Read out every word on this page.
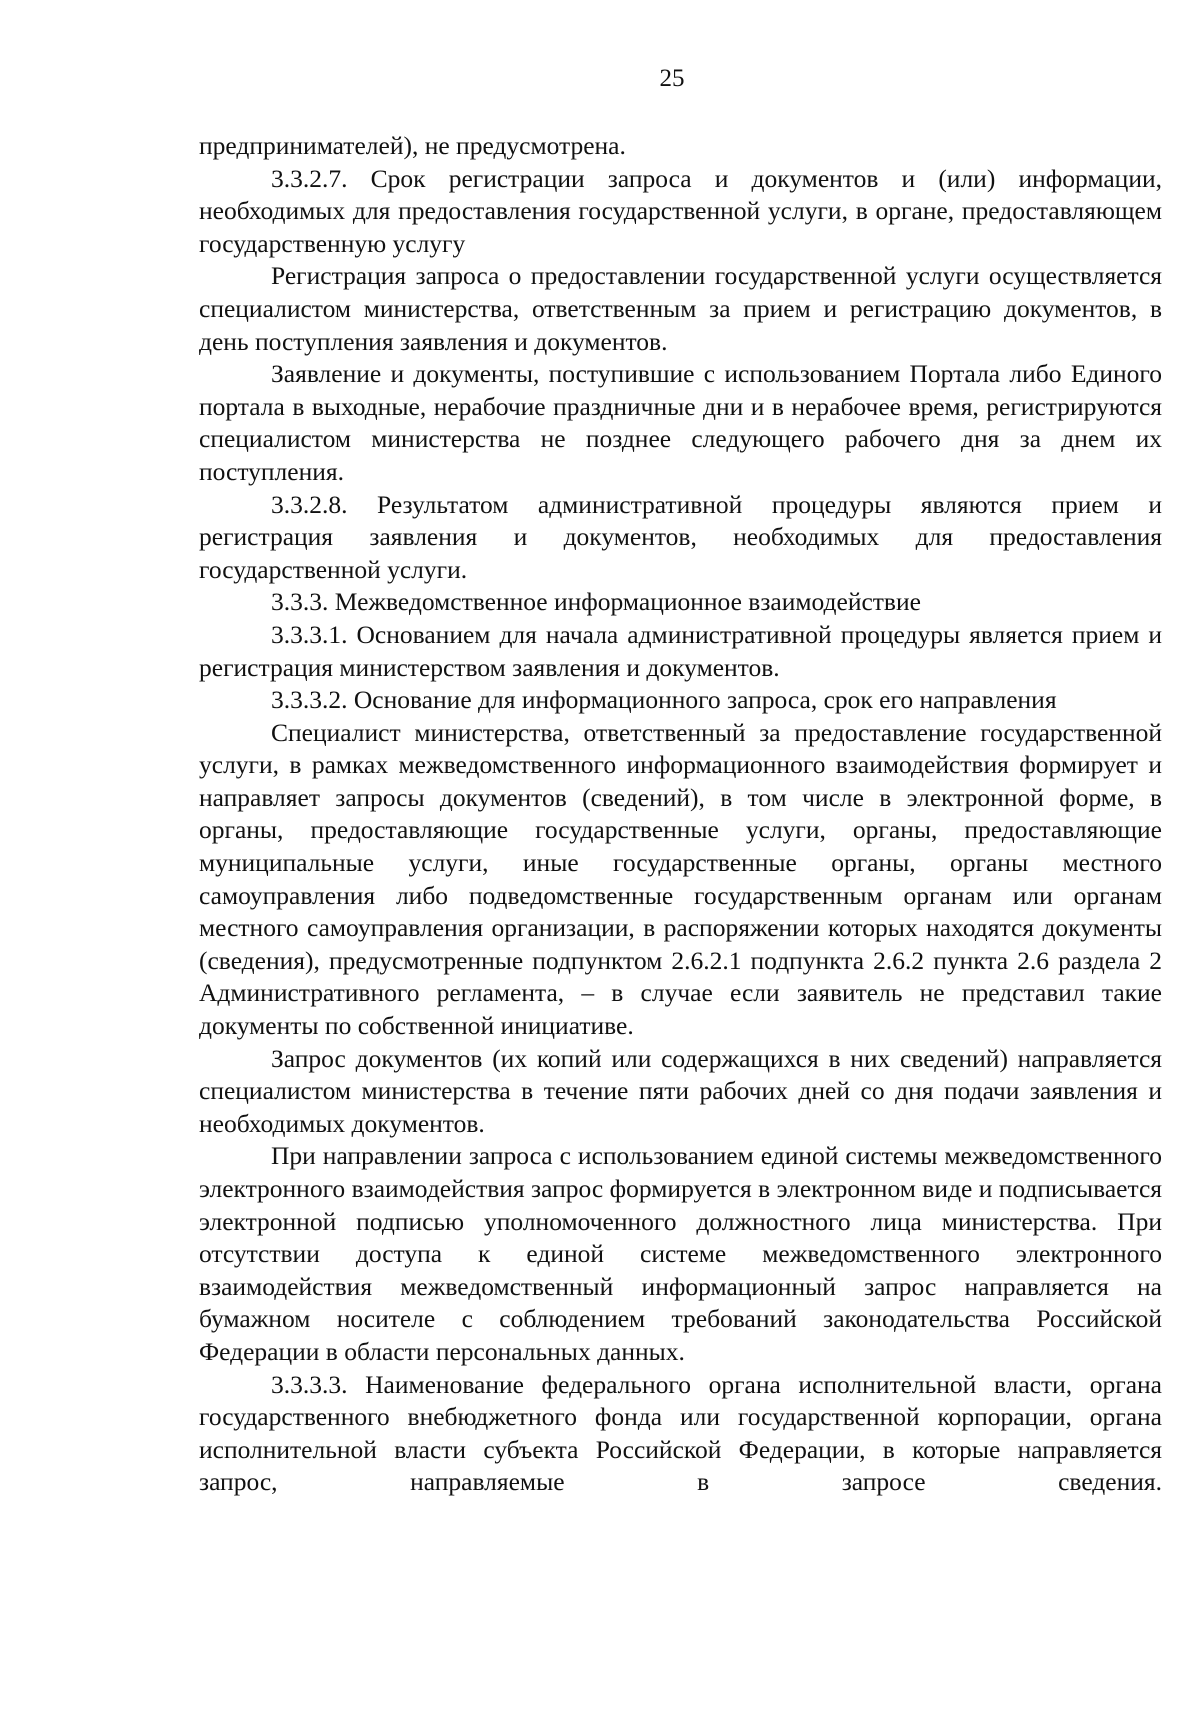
25

предпринимателей), не предусмотрена.

3.3.2.7. Срок регистрации запроса и документов и (или) информации, необходимых для предоставления государственной услуги, в органе, предоставляющем государственную услугу

Регистрация запроса о предоставлении государственной услуги осуществляется специалистом министерства, ответственным за прием и регистрацию документов, в день поступления заявления и документов.

Заявление и документы, поступившие с использованием Портала либо Единого портала в выходные, нерабочие праздничные дни и в нерабочее время, регистрируются специалистом министерства не позднее следующего рабочего дня за днем их поступления.

3.3.2.8. Результатом административной процедуры являются прием и регистрация заявления и документов, необходимых для предоставления государственной услуги.

3.3.3. Межведомственное информационное взаимодействие

3.3.3.1. Основанием для начала административной процедуры является прием и регистрация министерством заявления и документов.

3.3.3.2. Основание для информационного запроса, срок его направления

Специалист министерства, ответственный за предоставление государственной услуги, в рамках межведомственного информационного взаимодействия формирует и направляет запросы документов (сведений), в том числе в электронной форме, в органы, предоставляющие государственные услуги, органы, предоставляющие муниципальные услуги, иные государственные органы, органы местного самоуправления либо подведомственные государственным органам или органам местного самоуправления организации, в распоряжении которых находятся документы (сведения), предусмотренные подпунктом 2.6.2.1 подпункта 2.6.2 пункта 2.6 раздела 2 Административного регламента, – в случае если заявитель не представил такие документы по собственной инициативе.

Запрос документов (их копий или содержащихся в них сведений) направляется специалистом министерства в течение пяти рабочих дней со дня подачи заявления и необходимых документов.

При направлении запроса с использованием единой системы межведомственного электронного взаимодействия запрос формируется в электронном виде и подписывается электронной подписью уполномоченного должностного лица министерства. При отсутствии доступа к единой системе межведомственного электронного взаимодействия межведомственный информационный запрос направляется на бумажном носителе с соблюдением требований законодательства Российской Федерации в области персональных данных.

3.3.3.3. Наименование федерального органа исполнительной власти, органа государственного внебюджетного фонда или государственной корпорации, органа исполнительной власти субъекта Российской Федерации, в которые направляется запрос, направляемые в запросе сведения.
